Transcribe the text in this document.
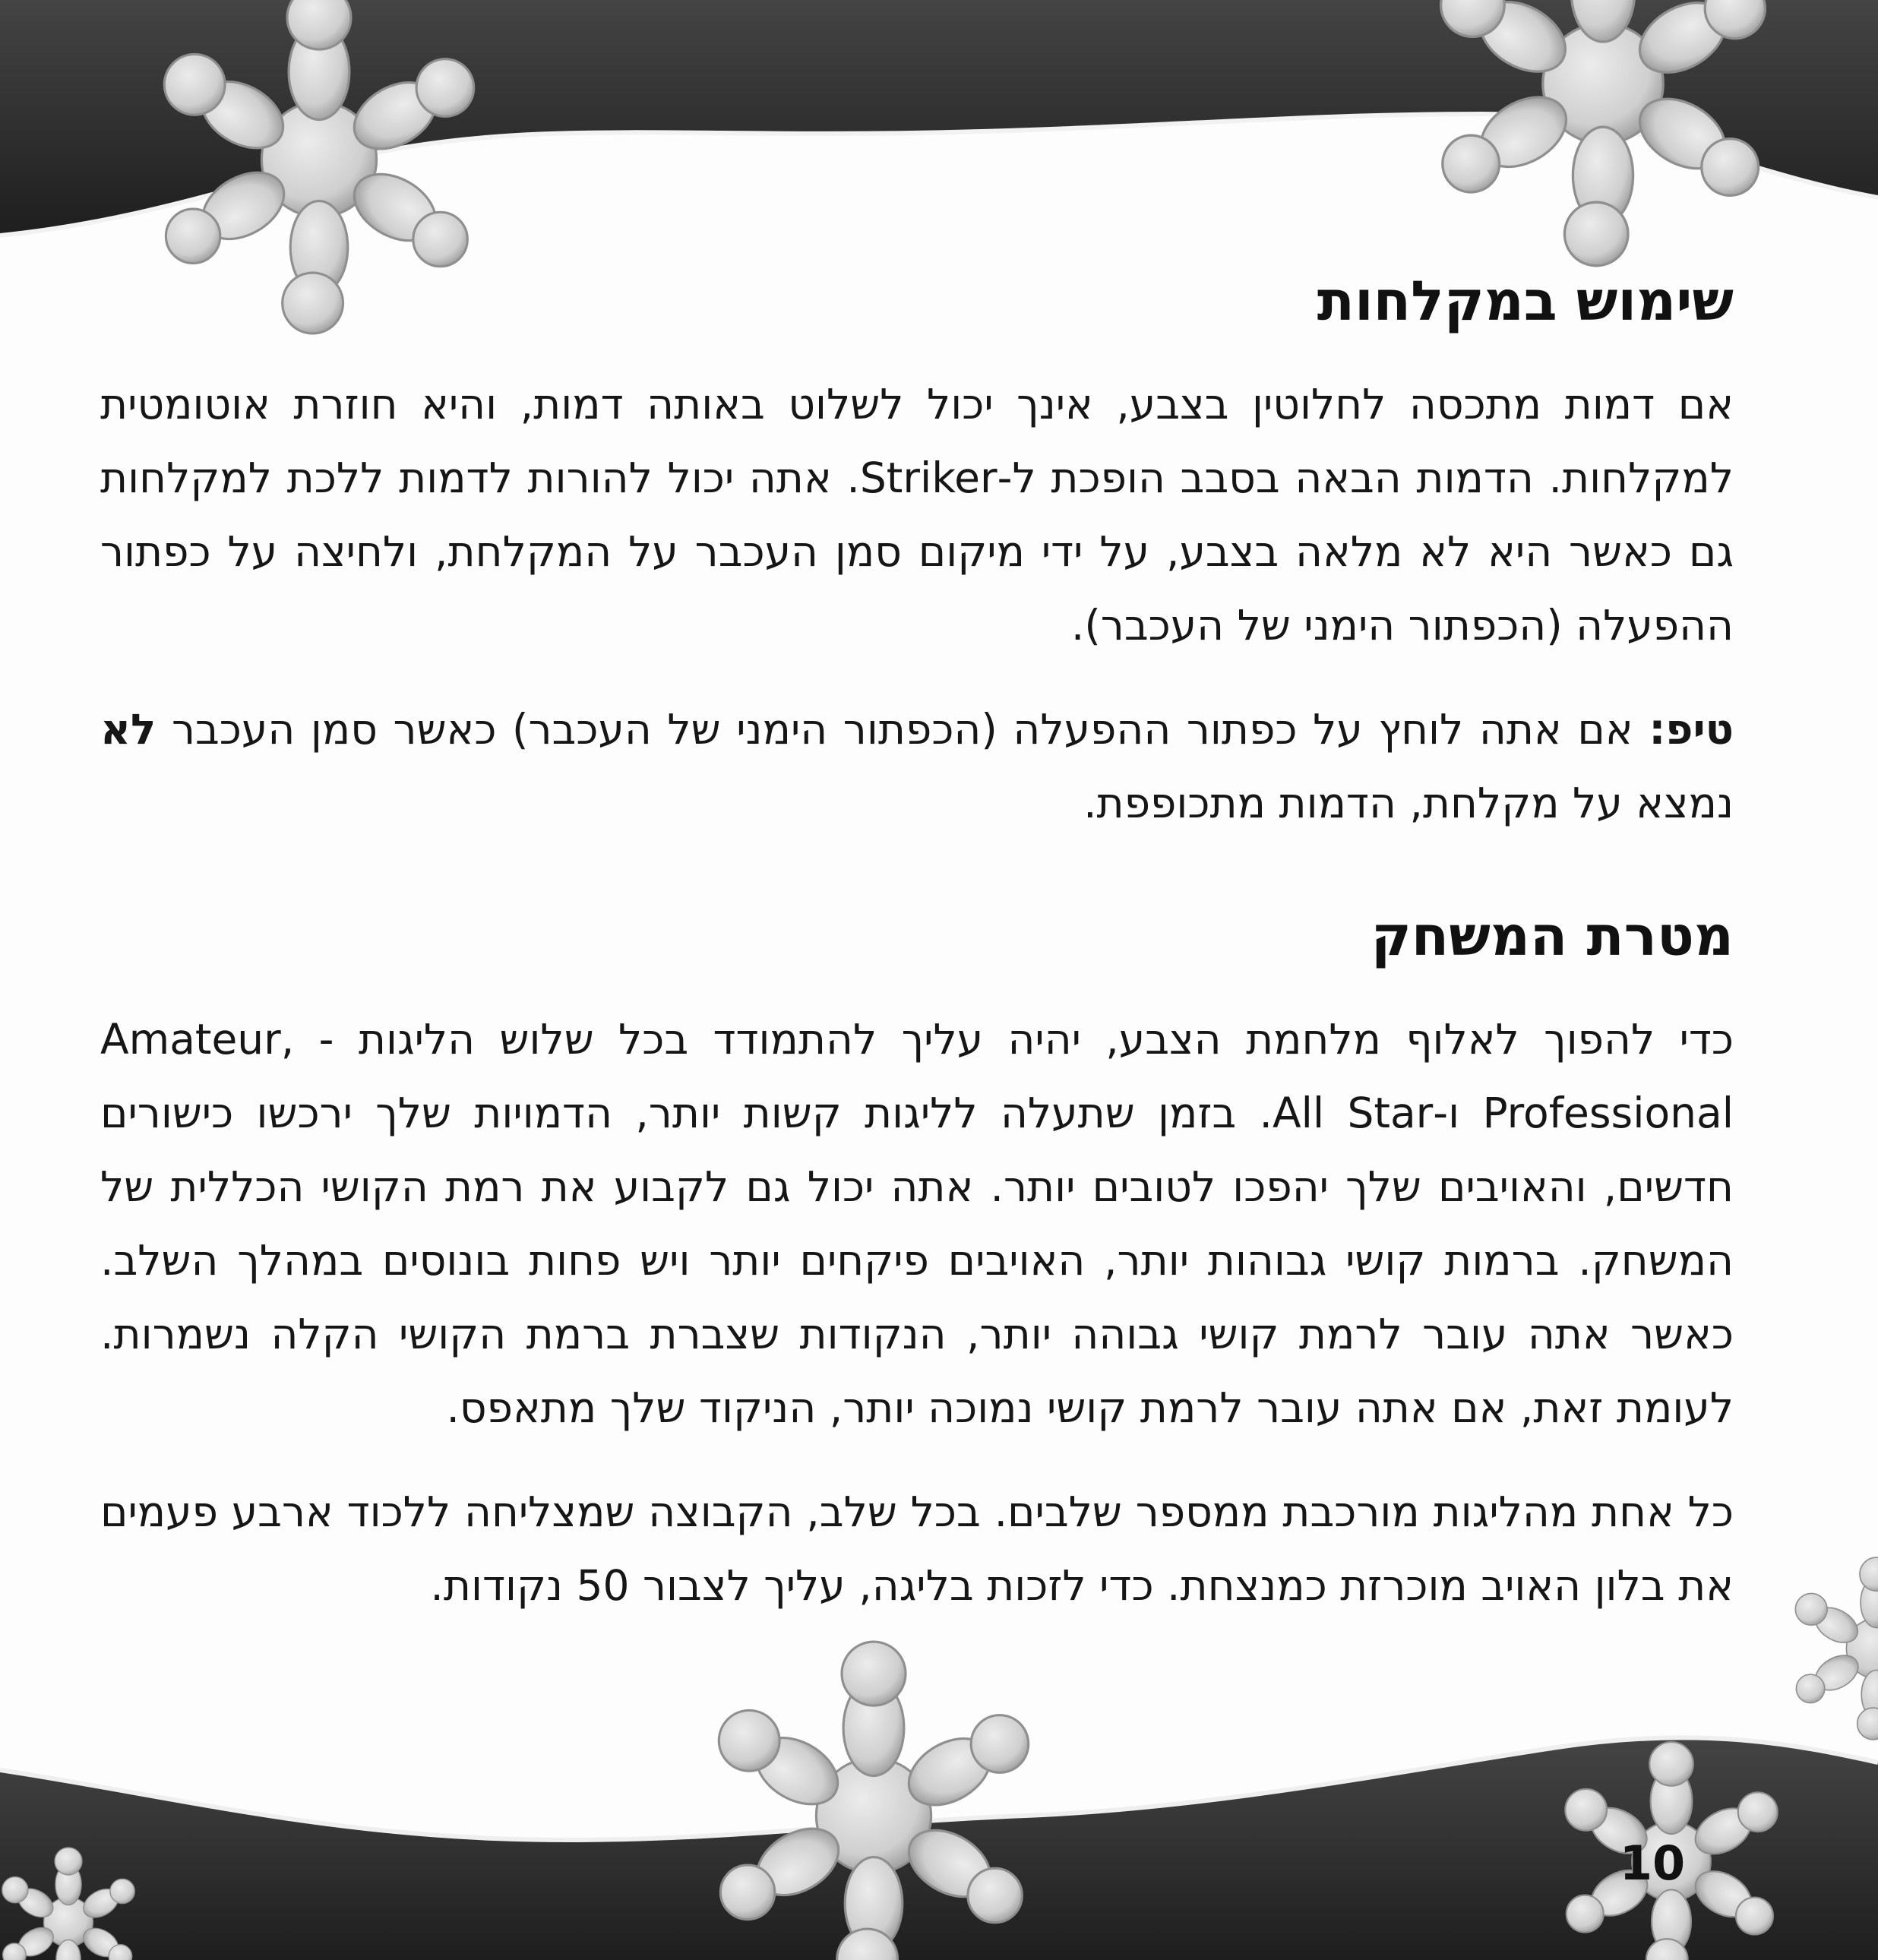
שימוש במקלחות

אם דמות מתכסה לחלוטין בצבע, אינך יכול לשלוט באותה דמות, והיא חוזרת אוטומטית למקלחות. הדמות הבאה בסבב הופכת ל-Striker. אתה יכול להורות לדמות ללכת למקלחות גם כאשר היא לא מלאה בצבע, על ידי מיקום סמן העכבר על המקלחת, ולחיצה על כפתור ההפעלה (הכפתור הימני של העכבר).

טיפ: אם אתה לוחץ על כפתור ההפעלה (הכפתור הימני של העכבר) כאשר סמן העכבר לא נמצא על מקלחת, הדמות מתכופפת.

מטרת המשחק

כדי להפוך לאלוף מלחמת הצבע, יהיה עליך להתמודד בכל שלוש הליגות - Amateur, Professional ו-All Star. בזמן שתעלה לליגות קשות יותר, הדמויות שלך ירכשו כישורים חדשים, והאויבים שלך יהפכו לטובים יותר. אתה יכול גם לקבוע את רמת הקושי הכללית של המשחק. ברמות קושי גבוהות יותר, האויבים פיקחים יותר ויש פחות בונוסים במהלך השלב. כאשר אתה עובר לרמת קושי גבוהה יותר, הנקודות שצברת ברמת הקושי הקלה נשמרות. לעומת זאת, אם אתה עובר לרמת קושי נמוכה יותר, הניקוד שלך מתאפס.

כל אחת מהליגות מורכבת ממספר שלבים. בכל שלב, הקבוצה שמצליחה ללכוד ארבע פעמים את בלון האויב מוכרזת כמנצחת. כדי לזכות בליגה, עליך לצבור 50 נקודות.

10
